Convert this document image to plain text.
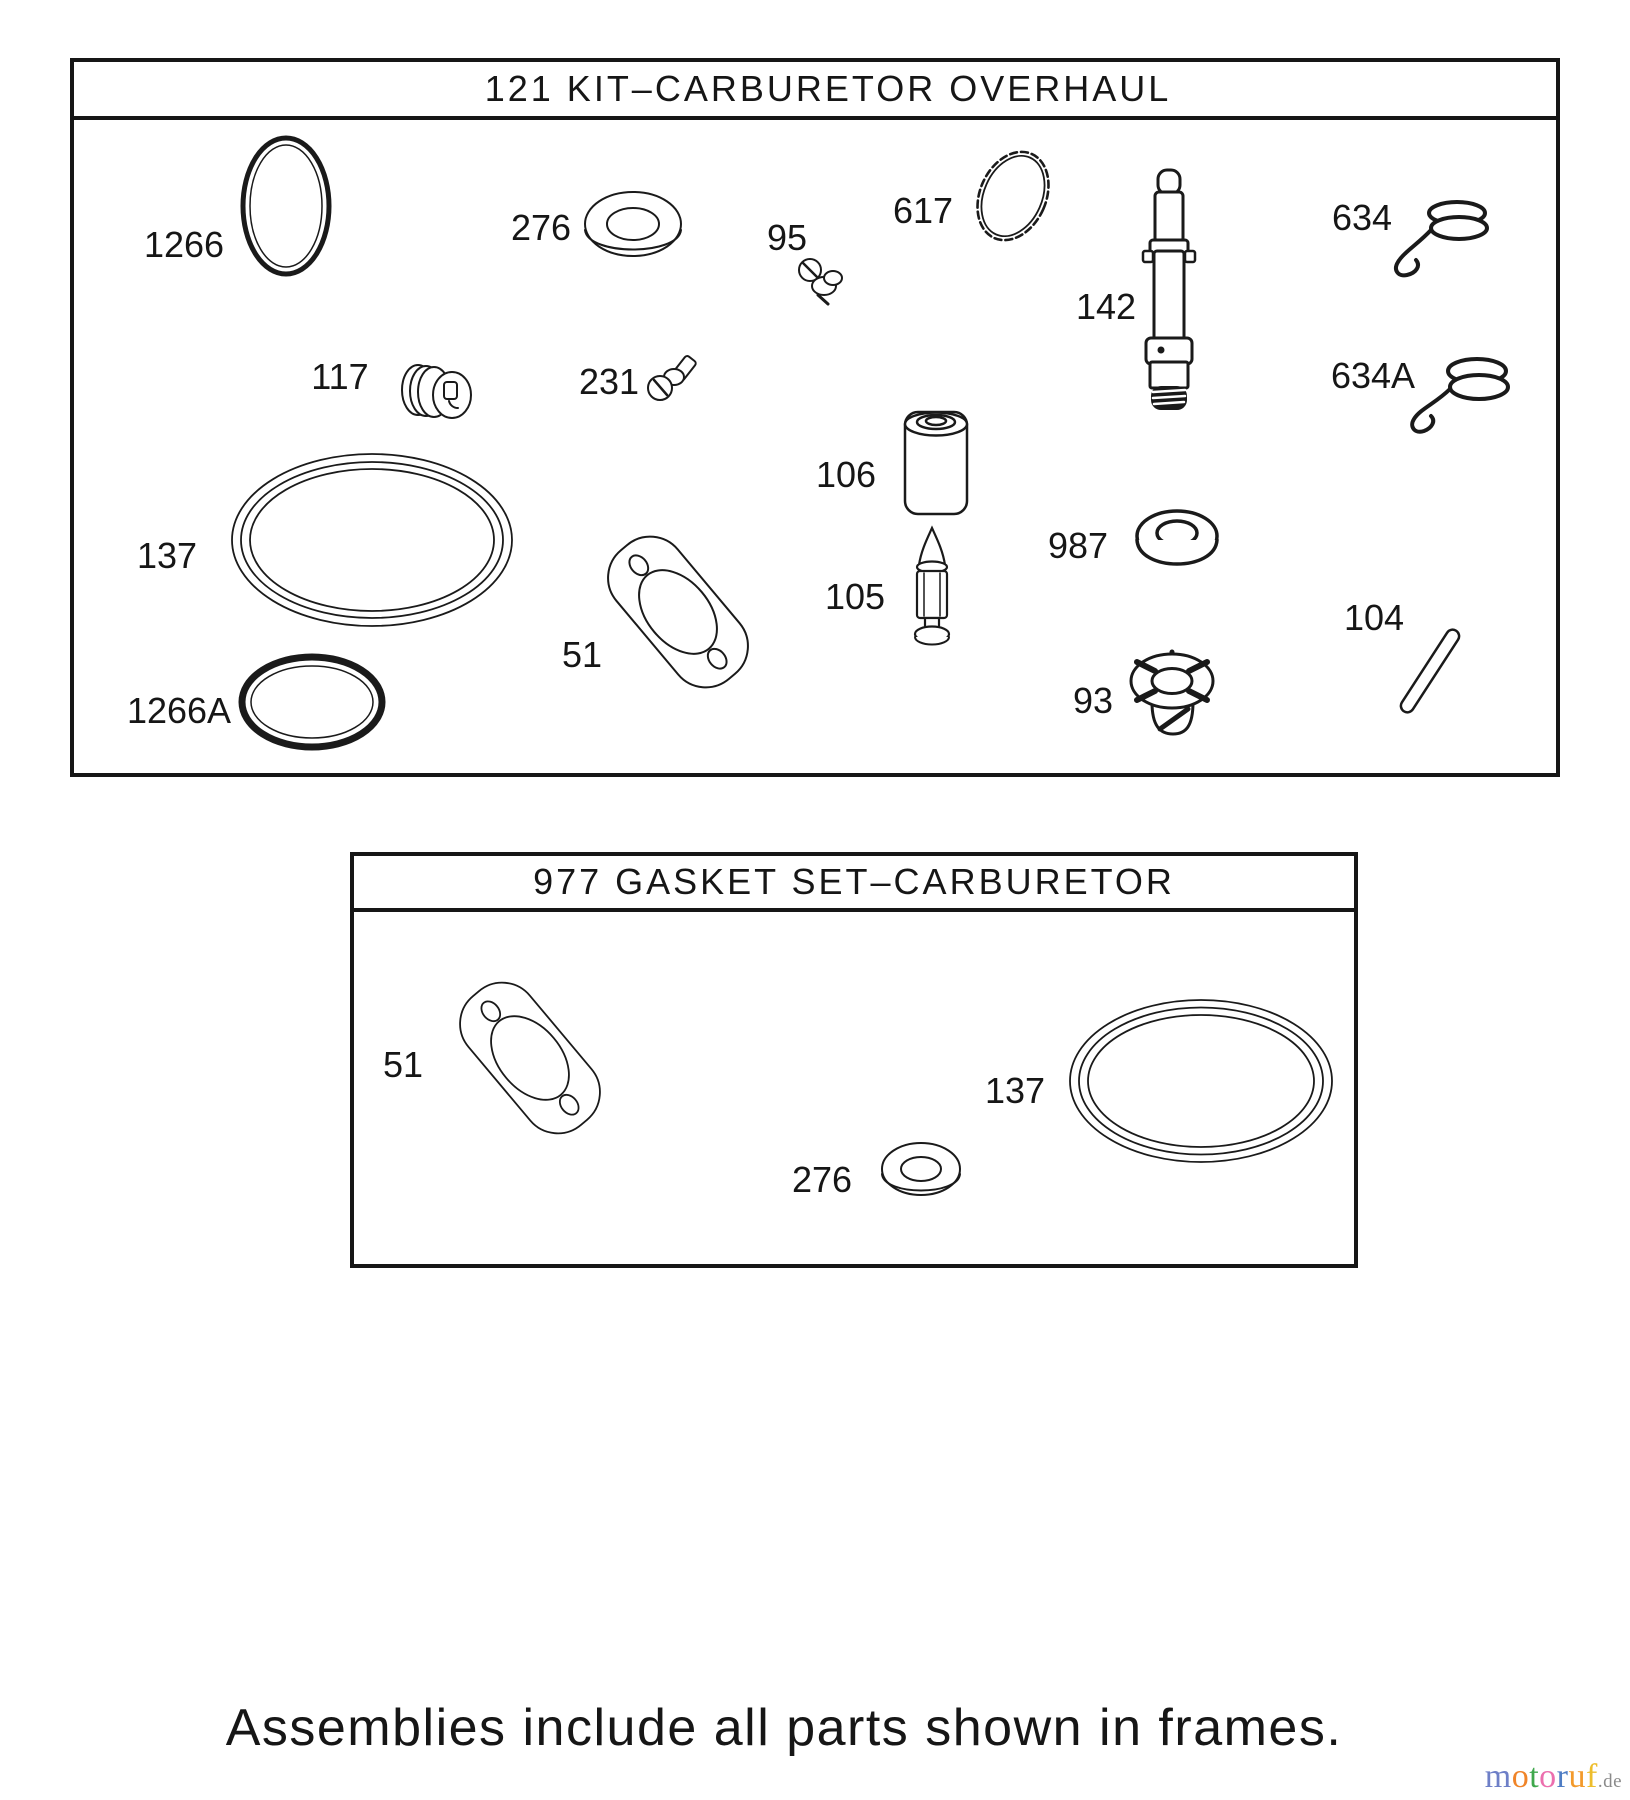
121 KIT–CARBURETOR OVERHAUL
1266	276	95
617
142
634
634A
117	231
106
137	987
105
51
93
104
1266A
977 GASKET SET–CARBURETOR
51
137
276
Assemblies include all parts shown in frames.
motoruf.de
